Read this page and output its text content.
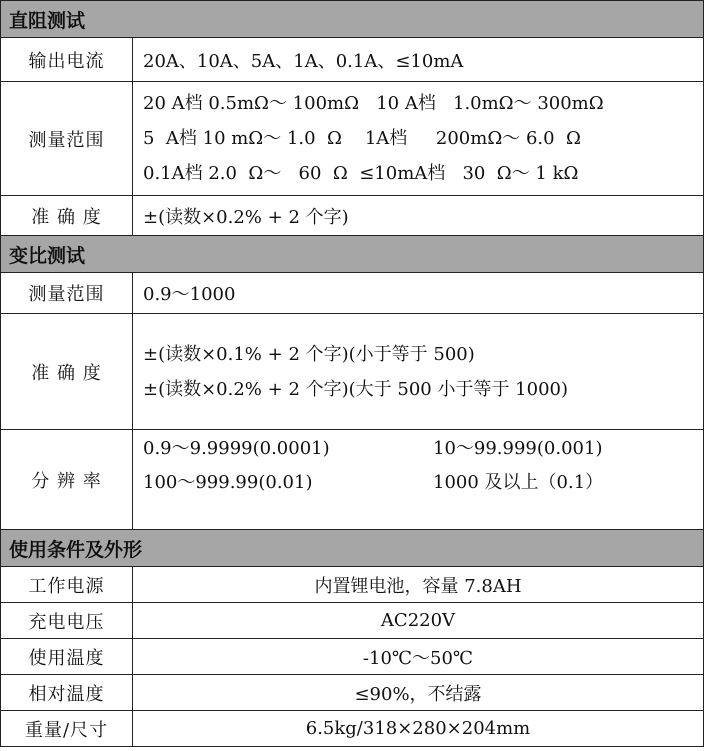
直阻测试	
输出电流	20A、10A、5A、1A、0.1A、≤10mA
测量范围	20 A档 0.5mΩ～ 100mΩ   10 A档   1.0mΩ～ 300mΩ
5  A档 10 mΩ～ 1.0  Ω    1A档     200mΩ～ 6.0  Ω
0.1A档 2.0  Ω～   60  Ω  ≤10mA档   30  Ω～ 1 kΩ

准 确 度	±(读数×0.2% + 2 个字)
变比测试	
测量范围	0.9～1000
准 确 度	±(读数×0.1% + 2 个字)(小于等于 500)
±(读数×0.2% + 2 个字)(大于 500 小于等于 1000)

分 辨 率	0.9～9.9999(0.0001) 10～99.999(0.001)
100～999.99(0.01) 1000 及以上（0.1）

使用条件及外形	
工作电源	内置锂电池，容量 7.8AH
充电电压	AC220V
使用温度	-10℃～50℃
相对温度	≤90%，不结露
重量/尺寸	6.5kg/318×280×204mm
